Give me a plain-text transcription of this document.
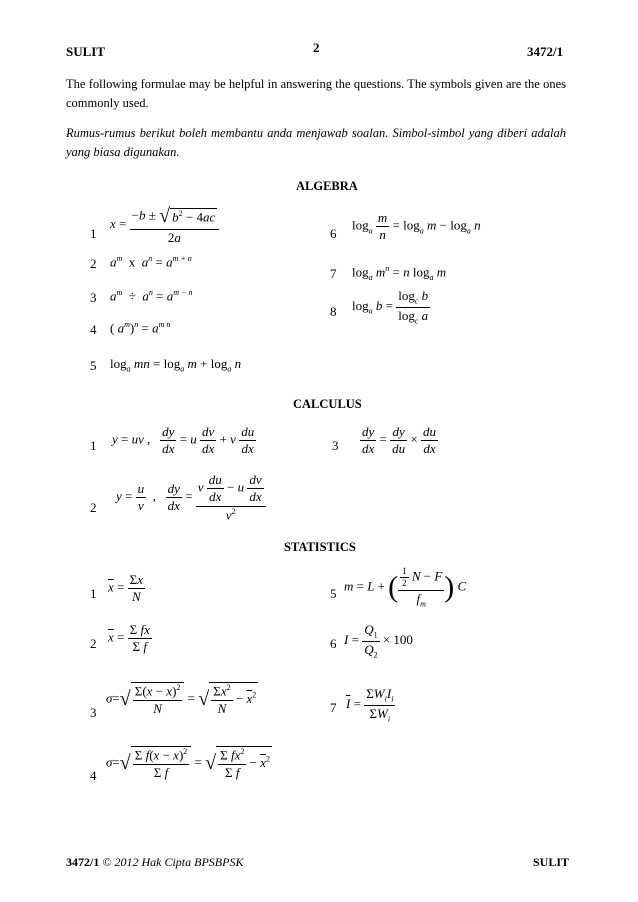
SULIT	2	3472/1
The following formulae may be helpful in answering the questions. The symbols given are the ones commonly used.
Rumus-rumus berikut boleh membantu anda menjawab soalan. Simbol-simbol yang diberi adalah yang biasa digunakan.
ALGEBRA
1
$x = \frac{-b \pm √ b^2 - 4ac}{2a}$
2 $a^m$  x  $a^n = a^{m + n}$
3 $a^m \div a^n = a^{m - n}$
4 ( $a^m)^n = a^{m n}$
5 $\log_a$ mn = $\log_a m + \log_a n$
6
$\log_a \frac{m}{n} = \log_a m - \log_a n$
7 $\log_a m^n = n$ $\log_a m$
8 $\log_a b = \frac{\log_c b}{\log_c a}$
CALCULUS
1 y = uv , $\frac{dy}{dx} = u \frac{dv}{dx} + v \frac{du}{dx}$	$3 \frac{dy}{dx} = \frac{dy}{du} \times \frac{du}{dx}$
2
$y = \frac{u}{v}$ , $\frac{dy}{dx} = \frac{v \frac{du}{dx} - u \frac{dv}{dx}}{v^2}$
STATISTICS
1 $\overline{x} = \frac{\Sigma x}{N}$
2 $\overline{x} = \frac{\text{Σ fx}}{\text{Σ f}}$
3
$\sigma=√ \frac{\Sigma(x - \overline{x})^2}{N}$ = √ $\frac{\Sigma x^2}{N} - \overline{x}^2$
4
$\sigma=√ \frac{\Sigma f(x - \overline{x})^2}{\text{Σ f}}$ = √ $\frac{\Sigma fx^2}{\text{Σ f}} - \overline{x}^2$
5 m = L + ( $\frac{\frac{1}{2} N - F}{f_m}$ ) C
6 $I = \frac{Q_1}{Q_2} \times 100$
7 $\overline{I} = \frac{\Sigma W_iI_i}{\Sigma W_i}$
3472/1 © 2012 Hak Cipta BPSBPSK	SULIT
